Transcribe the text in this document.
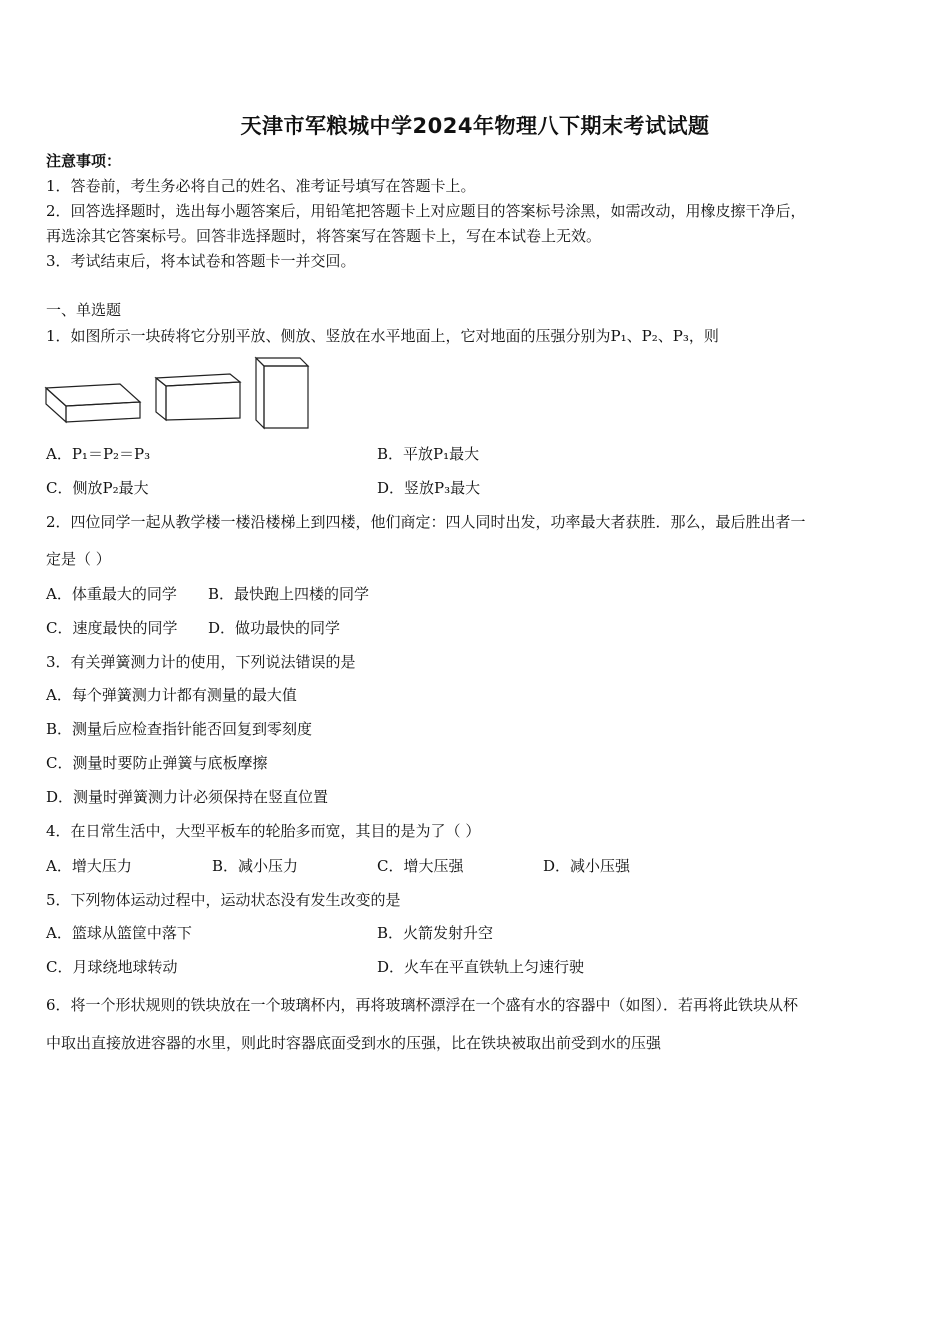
天津市军粮城中学2024年物理八下期末考试试题
注意事项：
1．答卷前，考生务必将自己的姓名、准考证号填写在答题卡上。
2．回答选择题时，选出每小题答案后，用铅笔把答题卡上对应题目的答案标号涂黑，如需改动，用橡皮擦干净后，
再选涂其它答案标号。回答非选择题时，将答案写在答题卡上，写在本试卷上无效。
3．考试结束后，将本试卷和答题卡一并交回。
一、单选题
1．如图所示一块砖将它分别平放、侧放、竖放在水平地面上，它对地面的压强分别为P₁、P₂、P₃，则
A．P₁＝P₂＝P₃	B．平放P₁最大
C．侧放P₂最大	D．竖放P₃最大
2．四位同学一起从教学楼一楼沿楼梯上到四楼，他们商定：四人同时出发，功率最大者获胜．那么，最后胜出者一
定是（ ）
A．体重最大的同学 B．最快跑上四楼的同学
C．速度最快的同学 D．做功最快的同学
3．有关弹簧测力计的使用，下列说法错误的是
A．每个弹簧测力计都有测量的最大值
B．测量后应检查指针能否回复到零刻度
C．测量时要防止弹簧与底板摩擦
D．测量时弹簧测力计必须保持在竖直位置
4．在日常生活中，大型平板车的轮胎多而宽，其目的是为了（ ）
A．增大压力	B．减小压力	C．增大压强	D．减小压强
5．下列物体运动过程中，运动状态没有发生改变的是
A．篮球从篮筐中落下	B．火箭发射升空
C．月球绕地球转动	D．火车在平直铁轨上匀速行驶
6．将一个形状规则的铁块放在一个玻璃杯内，再将玻璃杯漂浮在一个盛有水的容器中（如图）．若再将此铁块从杯
中取出直接放进容器的水里，则此时容器底面受到水的压强，比在铁块被取出前受到水的压强
